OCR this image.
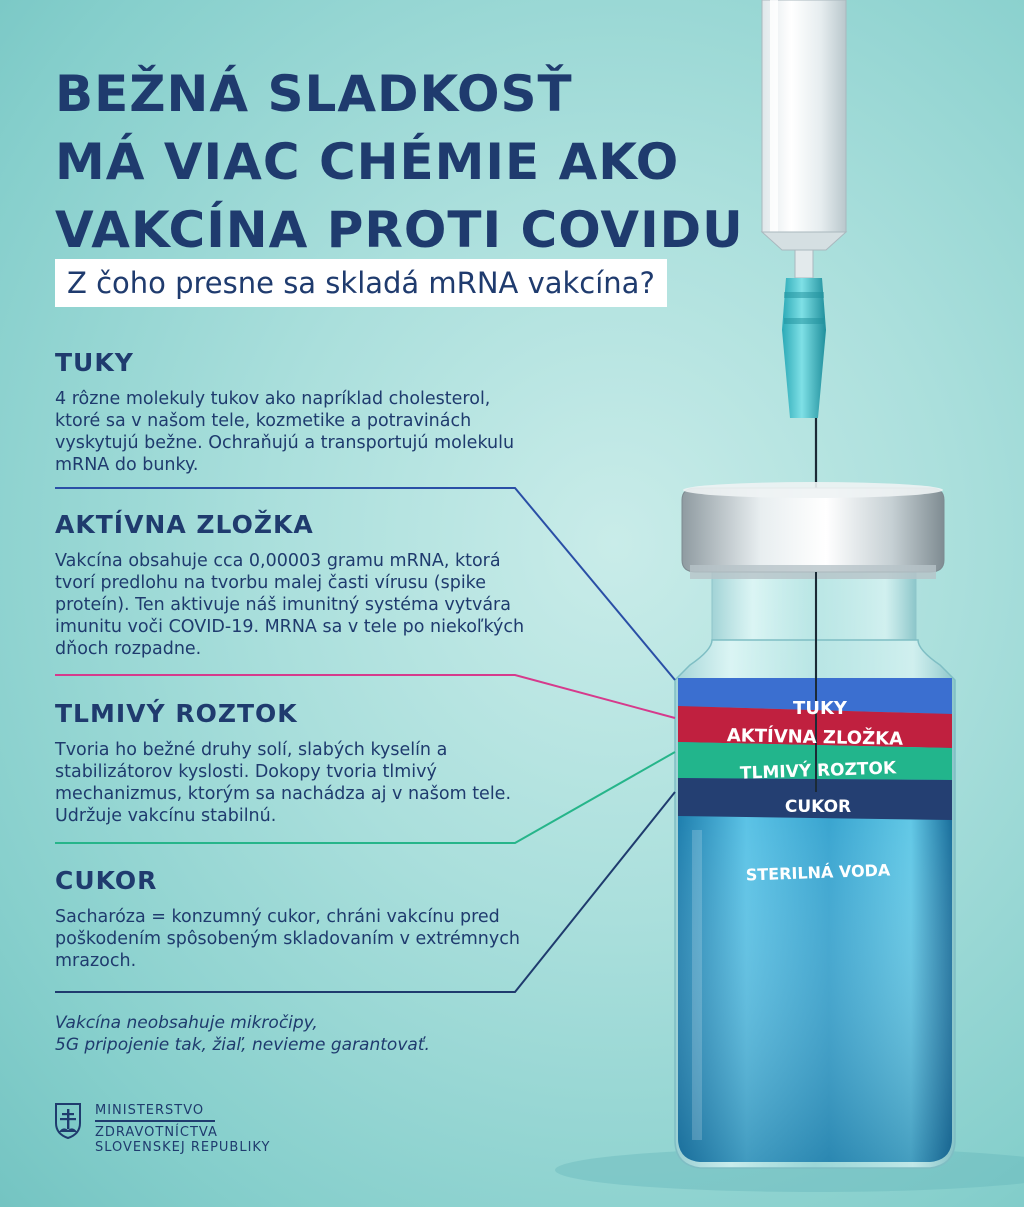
TUKY
AKTÍVNA ZLOŽKA
TLMIVÝ ROZTOK
CUKOR
STERILNÁ VODA
BEŽNÁ SLADKOSŤ
MÁ VIAC CHÉMIE AKO
VAKCÍNA PROTI COVIDU
Z čoho presne sa skladá mRNA vakcína?
TUKY

4 rôzne molekuly tukov ako napríklad cholesterol, ktoré sa v našom tele, kozmetike a potravinách vyskytujú bežne. Ochraňujú a transportujú molekulu mRNA do bunky.

AKTÍVNA ZLOŽKA

Vakcína obsahuje cca 0,00003 gramu mRNA, ktorá tvorí predlohu na tvorbu malej časti vírusu (spike proteín). Ten aktivuje náš imunitný systéma vytvára imunitu voči COVID-19. MRNA sa v tele po niekoľkých dňoch rozpadne.

TLMIVÝ ROZTOK

Tvoria ho bežné druhy solí, slabých kyselín a stabilizátorov kyslosti. Dokopy tvoria tlmivý mechanizmus, ktorým sa nachádza aj v našom tele. Udržuje vakcínu stabilnú.

CUKOR

Sacharóza = konzumný cukor, chráni vakcínu pred poškodením spôsobeným skladovaním v extrémnych mrazoch.

Vakcína neobsahuje mikročipy,
5G pripojenie tak, žiaľ, nevieme garantovať.

MINISTERSTVO
ZDRAVOTNÍCTVA
SLOVENSKEJ REPUBLIKY
